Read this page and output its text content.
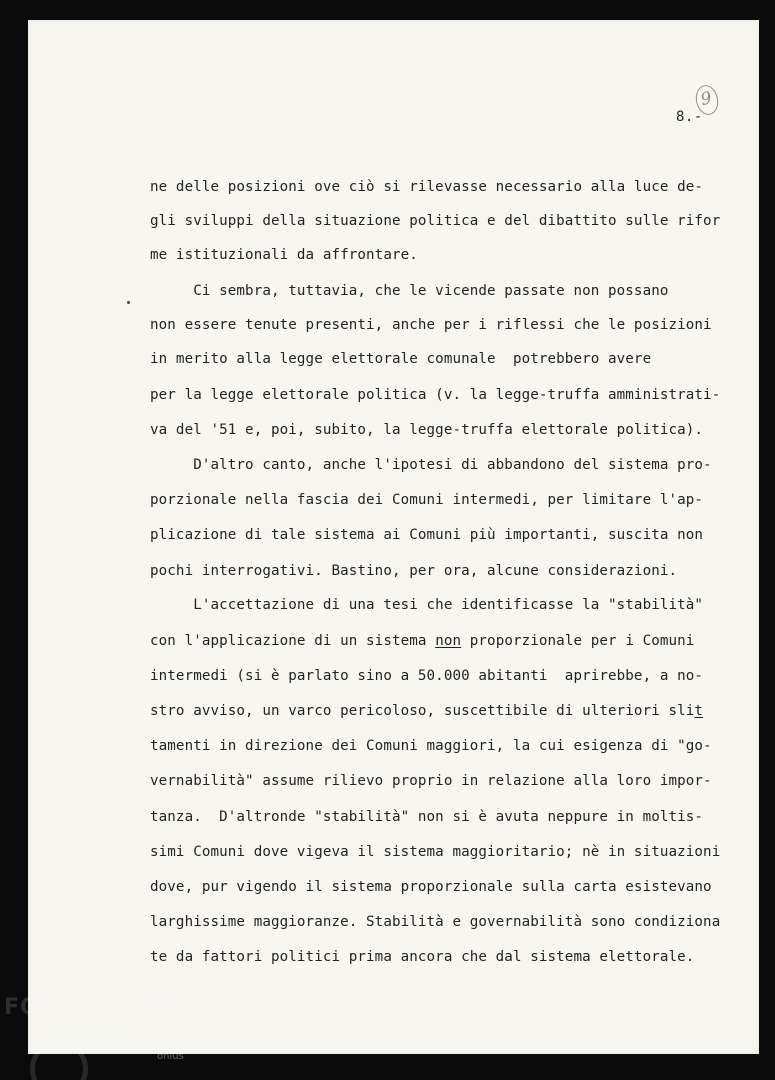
9
8.-
ne delle posizioni ove ciò si rilevasse necessario alla luce de-
gli sviluppi della situazione politica e del dibattito sulle rifor
me istituzionali da affrontare.
Ci sembra, tuttavia, che le vicende passate non possano
non essere tenute presenti, anche per i riflessi che le posizioni
in merito alla legge elettorale comunale  potrebbero avere
per la legge elettorale politica (v. la legge-truffa amministrati-
va del '51 e, poi, subito, la legge-truffa elettorale politica).
D'altro canto, anche l'ipotesi di abbandono del sistema pro-
porzionale nella fascia dei Comuni intermedi, per limitare l'ap-
plicazione di tale sistema ai Comuni più importanti, suscita non
pochi interrogativi. Bastino, per ora, alcune considerazioni.
L'accettazione di una tesi che identificasse la "stabilità"
con l'applicazione di un sistema non proporzionale per i Comuni
intermedi (si è parlato sino a 50.000 abitanti  aprirebbe, a no-
stro avviso, un varco pericoloso, suscettibile di ulteriori slit
tamenti in direzione dei Comuni maggiori, la cui esigenza di "go-
vernabilità" assume rilievo proprio in relazione alla loro impor-
tanza.  D'altronde "stabilità" non si è avuta neppure in moltis-
simi Comuni dove vigeva il sistema maggioritario; nè in situazioni
dove, pur vigendo il sistema proporzionale sulla carta esistevano
larghissime maggioranze. Stabilità e governabilità sono condiziona
te da fattori politici prima ancora che dal sistema elettorale.
FONDAZIONE
CRAXI
onlus
